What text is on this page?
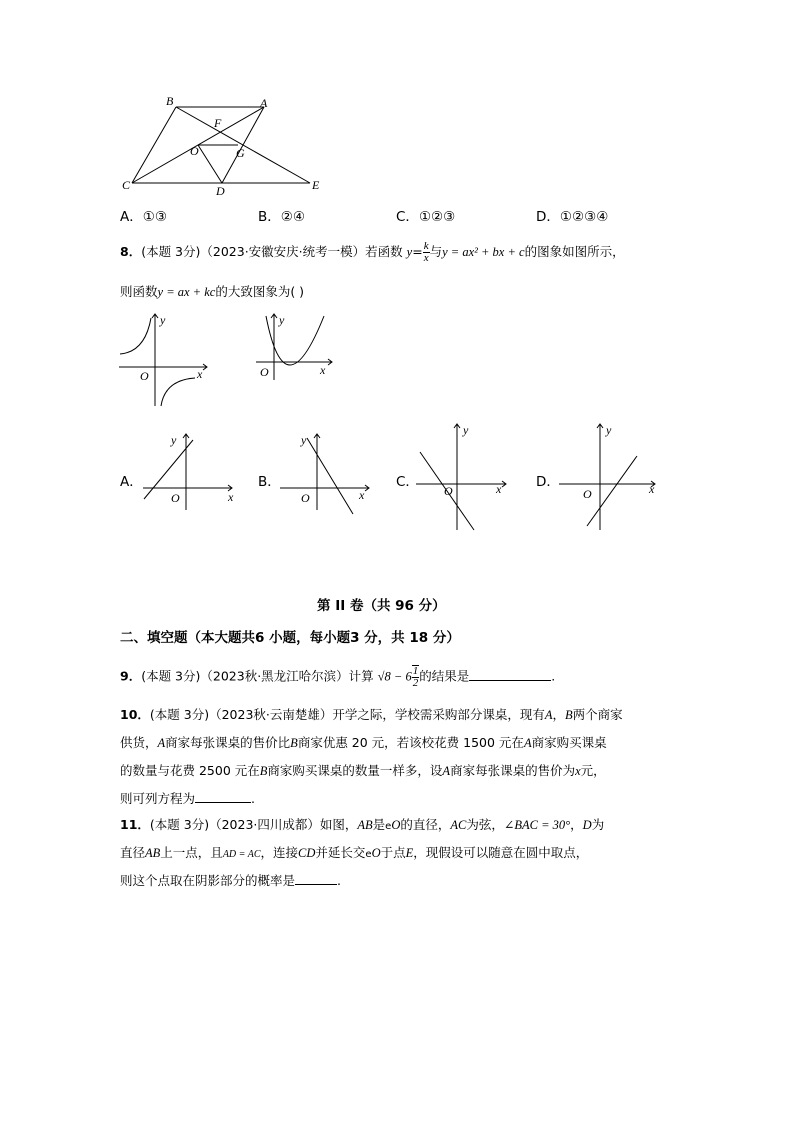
B	A
F
O	G
C	D	E
A．①③	B．②④	C．①②③	D．①②③④
8．(本题 3分)（2023·安徽安庆·统考一模）若函数 $y= \frac{k}{x}$ 与y = ax² + bx + c的图象如图所示，
则函数y = ax + kc的大致图象为( )
y
O	x
y
O	x
A．
y
O	x
B．
y
O	x
C．
y
O	x	D．
y
O	x
第 II 卷（共 96 分）
二、填空题（本大题共6 小题，每小题3 分，共 18 分）
9．(本题 3分)（2023秋·黑龙江哈尔滨）计算 $√8 - 6 \frac{1}{2}$ 的结果是	.
10．(本题 3分)（2023秋·云南楚雄）开学之际，学校需采购部分课桌，现有A，B两个商家
供货，A商家每张课桌的售价比B商家优惠 20 元，若该校花费 1500 元在A商家购买课桌
的数量与花费 2500 元在B商家购买课桌的数量一样多，设A商家每张课桌的售价为x元，
则可列方程为	.
11．(本题 3分)（2023·四川成都）如图，AB是eO的直径，AC为弦，∠BAC = 30°，D为
直径AB上一点，且AD = AC，连接CD并延长交eO于点E，现假设可以随意在圆中取点，
则这个点取在阴影部分的概率是	.
